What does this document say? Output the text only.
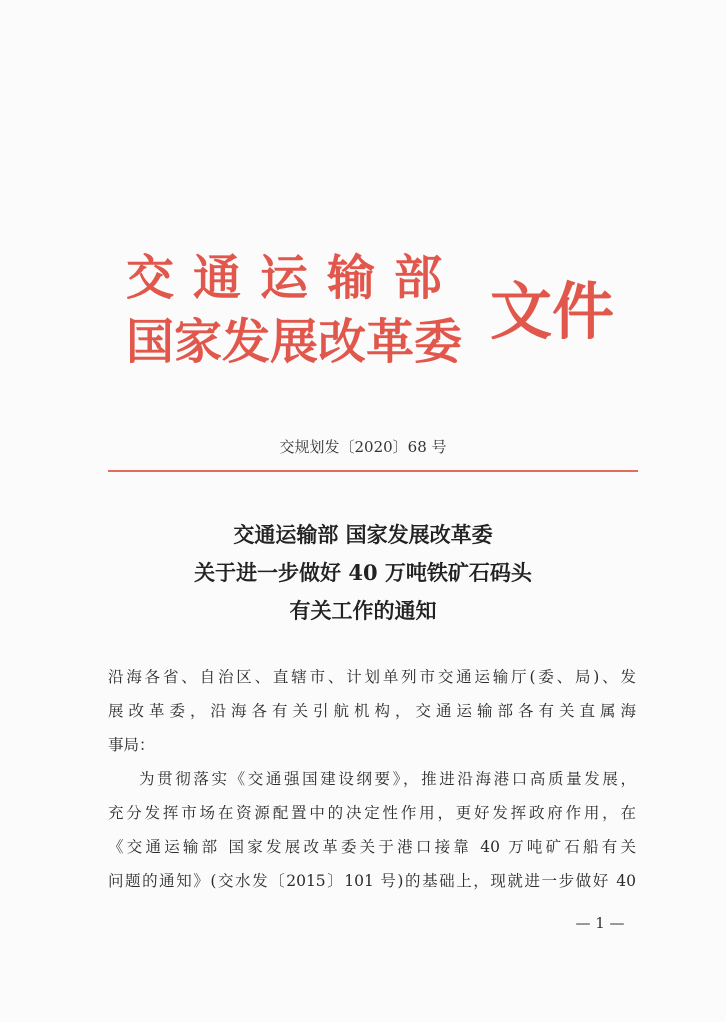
交通运输部
国家发展改革委 文件
交规划发〔2020〕68 号
交通运输部 国家发展改革委
关于进一步做好 40 万吨铁矿石码头
有关工作的通知
沿海各省、自治区、直辖市、计划单列市交通运输厅(委、局)、发
展改革委，沿海各有关引航机构，交通运输部各有关直属海
事局：
为贯彻落实《交通强国建设纲要》，推进沿海港口高质量发展，
充分发挥市场在资源配置中的决定性作用，更好发挥政府作用，在
《交通运输部 国家发展改革委关于港口接靠 40 万吨矿石船有关
问题的通知》(交水发〔2015〕101 号)的基础上，现就进一步做好 40
— 1 —
